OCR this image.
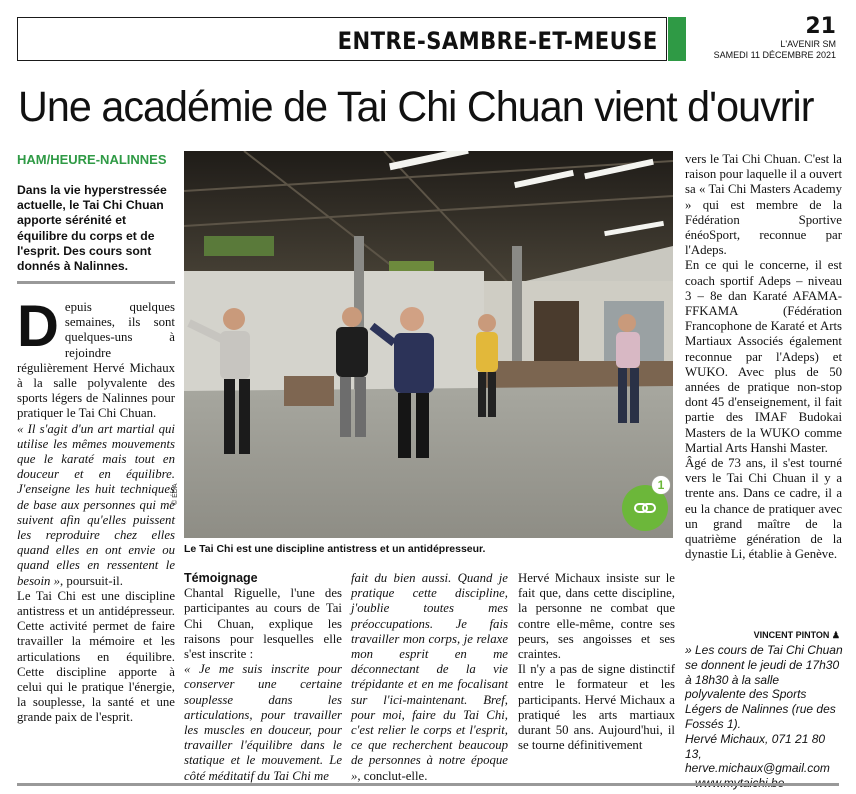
ENTRE-SAMBRE-ET-MEUSE
21
L'AVENIR SM
SAMEDI 11 DÉCEMBRE 2021
Une académie de Tai Chi Chuan vient d'ouvrir
HAM/HEURE-NALINNES
Dans la vie hyperstressée actuelle, le Tai Chi Chuan apporte sérénité et équilibre du corps et de l'esprit. Des cours sont donnés à Nalinnes.
D epuis quelques semaines, ils sont quelques-uns à rejoindre régulièrement Hervé Michaux à la salle polyvalente des sports légers de Nalinnes pour pratiquer le Tai Chi Chuan.

« Il s'agit d'un art martial qui utilise les mêmes mouvements que le karaté mais tout en douceur et en équilibre. J'enseigne les huit techniques de base aux personnes qui me suivent afin qu'elles puissent les reproduire chez elles quand elles en ont envie ou quand elles en ressentent le besoin », poursuit-il.

Le Tai Chi est une discipline antistress et un antidépresseur. Cette activité permet de faire travailler la mémoire et les articulations en équilibre. Cette discipline apporte à celui qui le pratique l'énergie, la souplesse, la santé et une grande paix de l'esprit.

© ÉDA	1
Le Tai Chi est une discipline antistress et un antidépresseur.
Témoignage

Chantal Riguelle, l'une des participantes au cours de Tai Chi Chuan, explique les raisons pour lesquelles elle s'est inscrite :

« Je me suis inscrite pour conserver une certaine souplesse dans les articulations, pour travailler les muscles en douceur, pour travailler l'équilibre dans le statique et le mouvement. Le côté méditatif du Tai Chi me

fait du bien aussi. Quand je pratique cette discipline, j'oublie toutes mes préoccupations. Je fais travailler mon corps, je relaxe mon esprit en me déconnectant de la vie trépidante et en me focalisant sur l'ici-maintenant. Bref, pour moi, faire du Tai Chi, c'est relier le corps et l'esprit, ce que recherchent beaucoup de personnes à notre époque », conclut-elle.

Hervé Michaux insiste sur le fait que, dans cette discipline, la personne ne combat que contre elle-même, contre ses peurs, ses angoisses et ses craintes.

Il n'y a pas de signe distinctif entre le formateur et les participants. Hervé Michaux a pratiqué les arts martiaux durant 50 ans. Aujourd'hui, il se tourne définitivement

vers le Tai Chi Chuan. C'est la raison pour laquelle il a ouvert sa « Tai Chi Masters Academy » qui est membre de la Fédération Sportive énéoSport, reconnue par l'Adeps.

En ce qui le concerne, il est coach sportif Adeps – niveau 3 – 8e dan Karaté AFAMA-FFKAMA (Fédération Francophone de Karaté et Arts Martiaux Associés également reconnue par l'Adeps) et WUKO. Avec plus de 50 années de pratique non-stop dont 45 d'enseignement, il fait partie des IMAF Budokai Masters de la WUKO comme Martial Arts Hanshi Master.

Âgé de 73 ans, il s'est tourné vers le Tai Chi Chuan il y a trente ans. Dans ce cadre, il a eu la chance de pratiquer avec un grand maître de la quatrième génération de la dynastie Li, établie à Genève.

VINCENT PINTON ♟

» Les cours de Tai Chi Chuan se donnent le jeudi de 17h30 à 18h30 à la salle polyvalente des Sports Légers de Nalinnes (rue des Fossés 1).

Hervé Michaux, 071 21 80 13,

herve.michaux@gmail.com
